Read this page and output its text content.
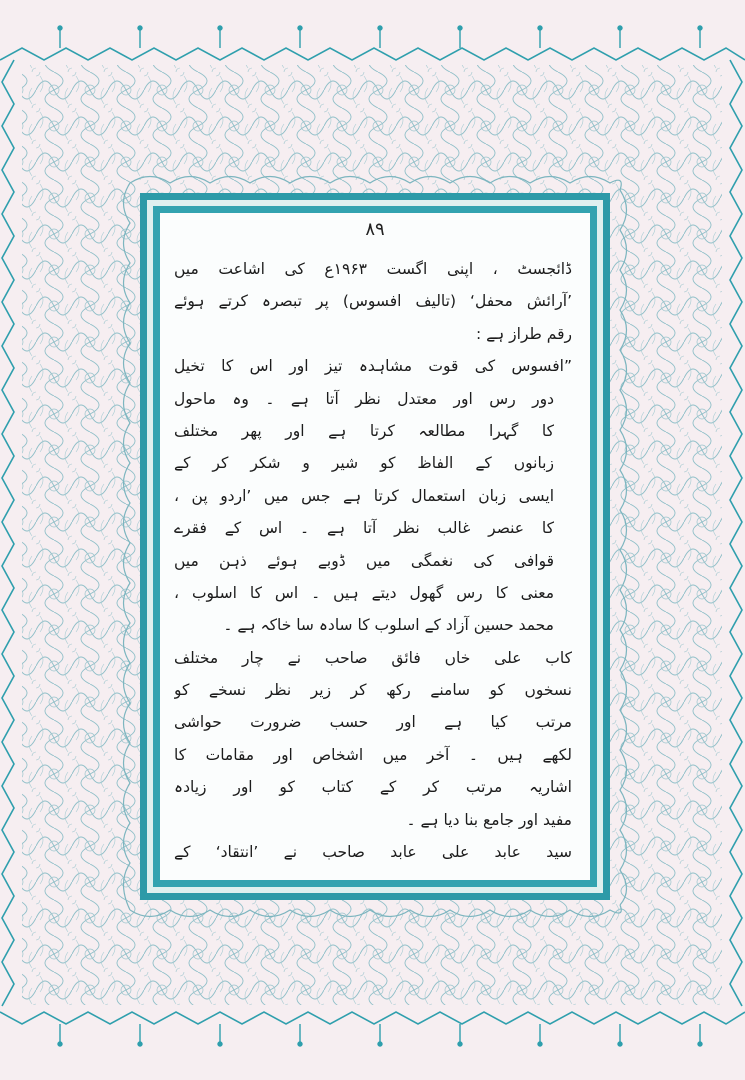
۸۹
ڈائجسٹ ، اپنی اگست ۱۹۶۳ع کی اشاعت میں
’آرائش محفل‘ (تالیف افسوس) پر تبصرہ کرتے ہوئے
رقم طراز ہے :
”افسوس کی قوت مشاہدہ تیز اور اس کا تخیل
دور رس اور معتدل نظر آتا ہے ۔ وہ ماحول
کا گہرا مطالعہ کرتا ہے اور پھر مختلف
زبانوں کے الفاظ کو شیر و شکر کر کے
ایسی زبان استعمال کرتا ہے جس میں ’اردو پن ،
کا عنصر غالب نظر آتا ہے ۔ اس کے فقرے
قوافی کی نغمگی میں ڈوبے ہوئے ذہن میں
معنی کا رس گھول دیتے ہیں ۔ اس کا اسلوب ،
محمد حسین آزاد کے اسلوب کا سادہ سا خاکہ ہے ۔
کاب علی خاں فائق صاحب نے چار مختلف
نسخوں کو سامنے رکھ کر زیر نظر نسخے کو
مرتب کیا ہے اور حسب ضرورت حواشی
لکھے ہیں ۔ آخر میں اشخاص اور مقامات کا
اشاریہ مرتب کر کے کتاب کو اور زیادہ
مفید اور جامع بنا دیا ہے ۔
سید عابد علی عابد صاحب نے ’انتقاد‘ کے
